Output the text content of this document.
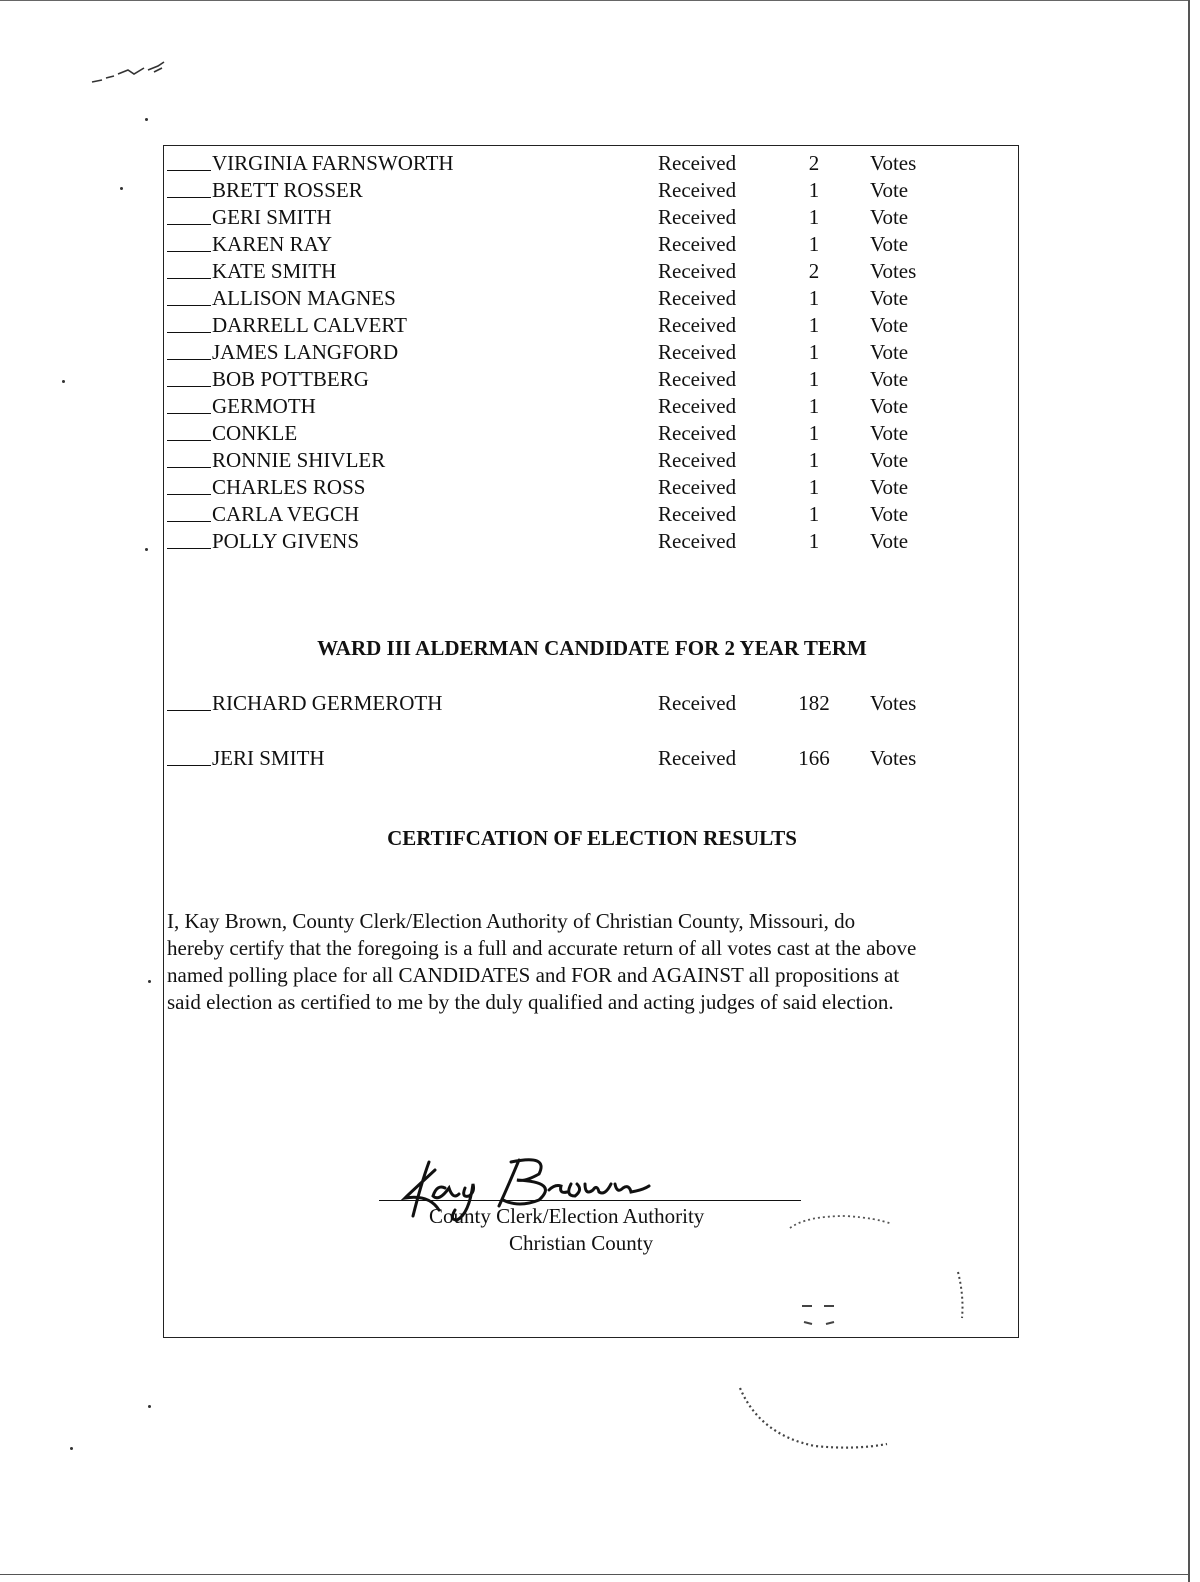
VIRGINIA FARNSWORTH	Received	2	Votes
BRETT ROSSER	Received	1	Vote
GERI SMITH	Received	1	Vote
KAREN RAY	Received	1	Vote
KATE SMITH	Received	2	Votes
ALLISON MAGNES	Received	1	Vote
DARRELL CALVERT	Received	1	Vote
JAMES LANGFORD	Received	1	Vote
BOB POTTBERG	Received	1	Vote
GERMOTH	Received	1	Vote
CONKLE	Received	1	Vote
RONNIE SHIVLER	Received	1	Vote
CHARLES ROSS	Received	1	Vote
CARLA VEGCH	Received	1	Vote
POLLY GIVENS	Received	1	Vote
WARD III ALDERMAN CANDIDATE FOR 2 YEAR TERM
RICHARD GERMEROTH	Received	182 Votes
JERI SMITH	Received	166 Votes
CERTIFCATION OF ELECTION RESULTS
I, Kay Brown, County Clerk/Election Authority of Christian County, Missouri, do
hereby certify that the foregoing is a full and accurate return of all votes cast at the above
named polling place for all CANDIDATES and FOR and AGAINST all propositions at
said election as certified to me by the duly qualified and acting judges of said election.
County Clerk/Election Authority
Christian County
